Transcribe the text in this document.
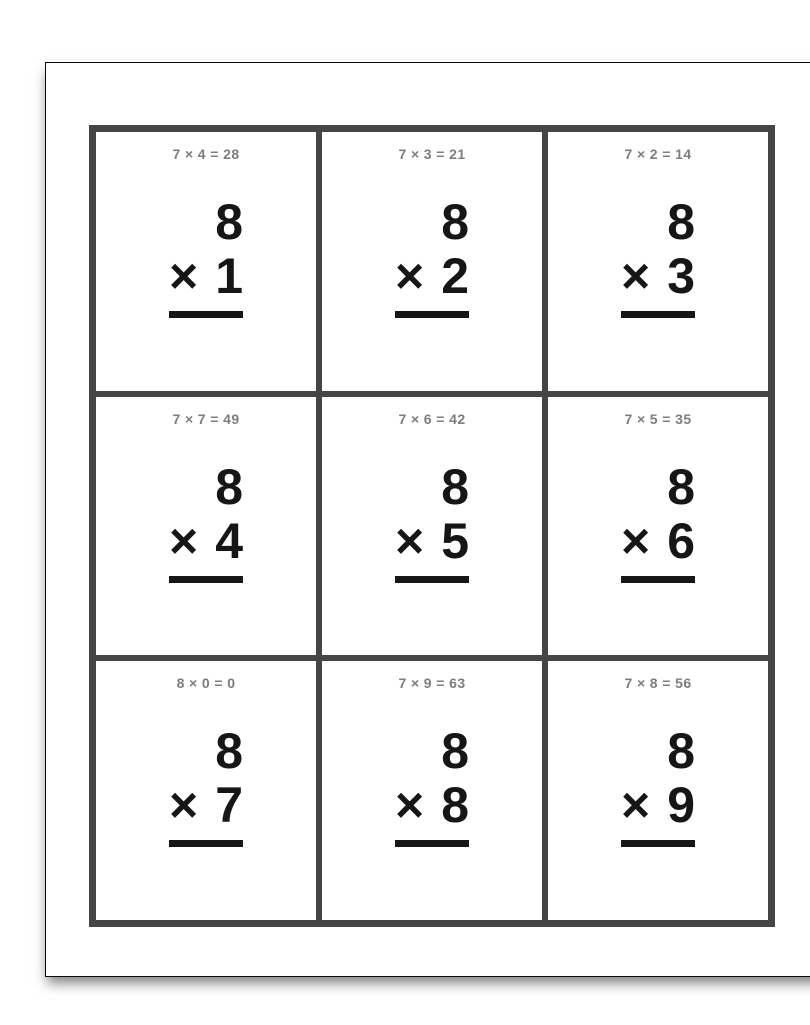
7 × 4 = 28
8
× 1
7 × 3 = 21
8
× 2
7 × 2 = 14
8
× 3
7 × 7 = 49
8
× 4
7 × 6 = 42
8
× 5
7 × 5 = 35
8
× 6
8 × 0 = 0
8
× 7
7 × 9 = 63
8
× 8
7 × 8 = 56
8
× 9
